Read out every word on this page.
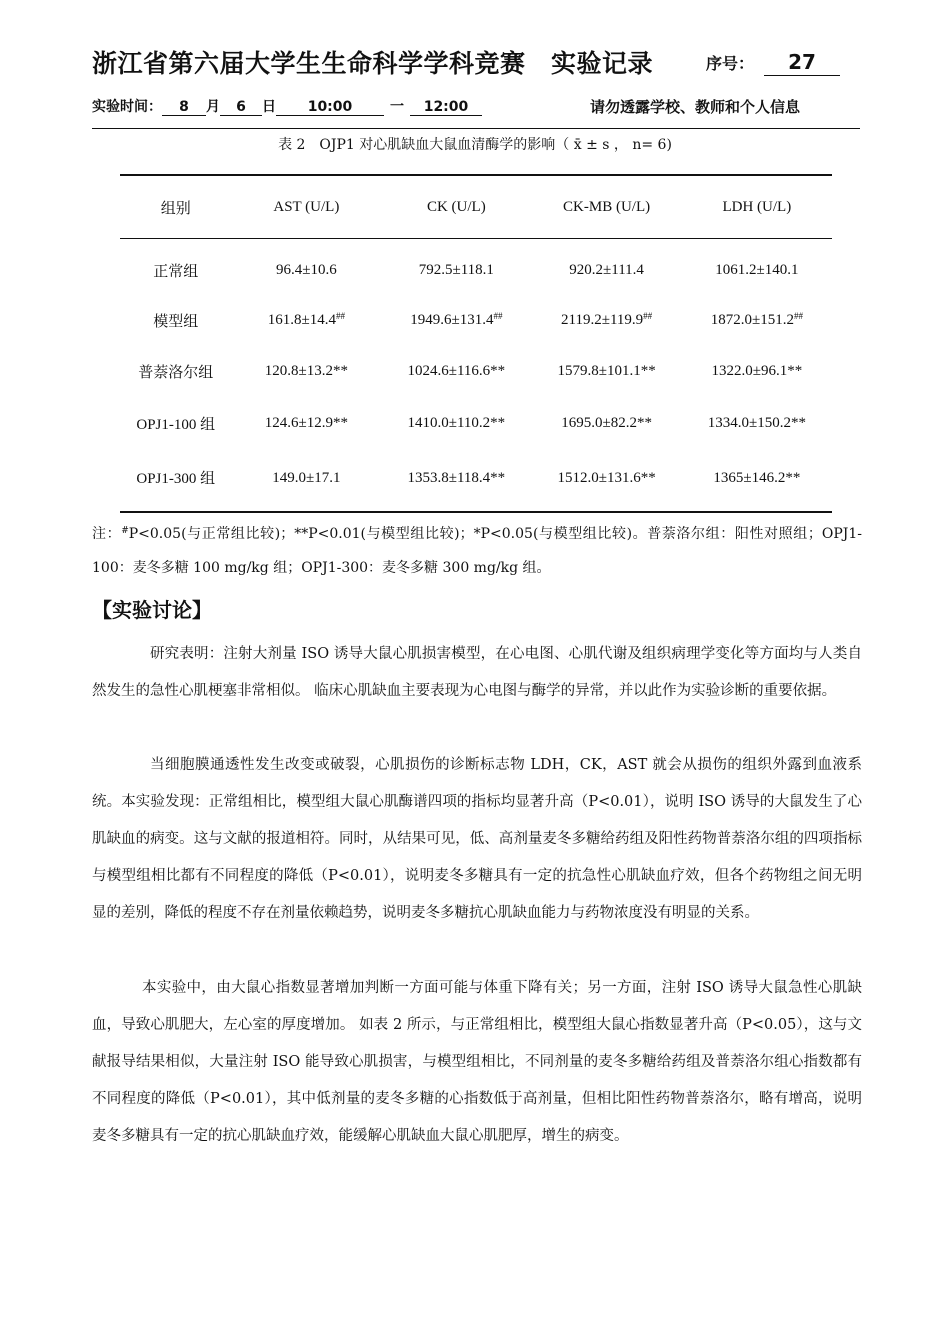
浙江省第六届大学生生命科学学科竞赛　实验记录	序号： 27
实验时间： 8 月 6 日 10:00	一 12:00	请勿透露学校、教师和个人信息
表 2　OJP1 对心肌缺血大鼠血清酶学的影响（ x̄ ± s ， n= 6)
组别	AST (U/L)	CK (U/L)	CK-MB (U/L)	LDH (U/L)
正常组	96.4±10.6	792.5±118.1	920.2±111.4	1061.2±140.1
模型组	161.8±14.4##	1949.6±131.4##	2119.2±119.9##	1872.0±151.2##
普萘洛尔组	120.8±13.2**	1024.6±116.6**	1579.8±101.1**	1322.0±96.1**
OPJ1-100 组	124.6±12.9**	1410.0±110.2**	1695.0±82.2**	1334.0±150.2**
OPJ1-300 组	149.0±17.1	1353.8±118.4**	1512.0±131.6**	1365±146.2**
注：#P<0.05(与正常组比较)；**P<0.01(与模型组比较)；*P<0.05(与模型组比较)。普萘洛尔组：阳性对照组；OPJ1-100：麦冬多糖 100 mg/kg 组；OPJ1-300：麦冬多糖 300 mg/kg 组。
【实验讨论】

研究表明：注射大剂量 ISO 诱导大鼠心肌损害模型，在心电图、心肌代谢及组织病理学变化等方面均与人类自然发生的急性心肌梗塞非常相似。 临床心肌缺血主要表现为心电图与酶学的异常，并以此作为实验诊断的重要依据。

当细胞膜通透性发生改变或破裂，心肌损伤的诊断标志物 LDH，CK，AST 就会从损伤的组织外露到血液系统。本实验发现：正常组相比，模型组大鼠心肌酶谱四项的指标均显著升高（P<0.01），说明 ISO 诱导的大鼠发生了心肌缺血的病变。这与文献的报道相符。同时，从结果可见，低、高剂量麦冬多糖给药组及阳性药物普萘洛尔组的四项指标与模型组相比都有不同程度的降低（P<0.01），说明麦冬多糖具有一定的抗急性心肌缺血疗效，但各个药物组之间无明显的差别，降低的程度不存在剂量依赖趋势，说明麦冬多糖抗心肌缺血能力与药物浓度没有明显的关系。

本实验中，由大鼠心指数显著增加判断一方面可能与体重下降有关；另一方面，注射 ISO 诱导大鼠急性心肌缺血，导致心肌肥大，左心室的厚度增加。 如表 2 所示，与正常组相比，模型组大鼠心指数显著升高（P<0.05），这与文献报导结果相似，大量注射 ISO 能导致心肌损害，与模型组相比，不同剂量的麦冬多糖给药组及普萘洛尔组心指数都有不同程度的降低（P<0.01），其中低剂量的麦冬多糖的心指数低于高剂量，但相比阳性药物普萘洛尔，略有增高，说明麦冬多糖具有一定的抗心肌缺血疗效，能缓解心肌缺血大鼠心肌肥厚，增生的病变。
